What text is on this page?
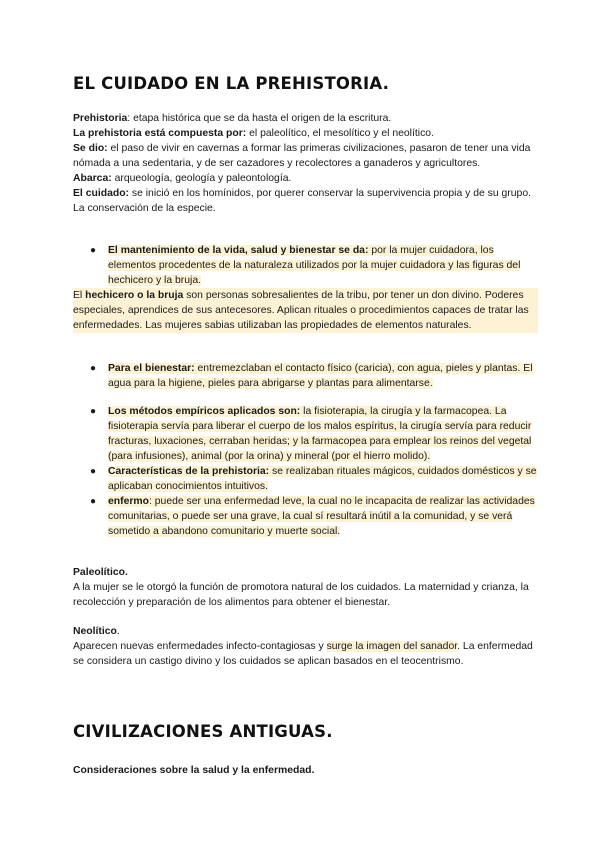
EL CUIDADO EN LA PREHISTORIA.

Prehistoria: etapa histórica que se da hasta el origen de la escritura.

La prehistoria está compuesta por: el paleolítico, el mesolítico y el neolítico.

Se dio: el paso de vivir en cavernas a formar las primeras civilizaciones, pasaron de tener una vida nómada a una sedentaria, y de ser cazadores y recolectores a ganaderos y agricultores.

Abarca: arqueología, geología y paleontología.

El cuidado: se inició en los homínidos, por querer conservar la supervivencia propia y de su grupo. La conservación de la especie.

● El mantenimiento de la vida, salud y bienestar se da: por la mujer cuidadora, los elementos procedentes de la naturaleza utilizados por la mujer cuidadora y las figuras del hechicero y la bruja.

El hechicero o la bruja son personas sobresalientes de la tribu, por tener un don divino. Poderes especiales, aprendices de sus antecesores. Aplican rituales o procedimientos capaces de tratar las enfermedades. Las mujeres sabias utilizaban las propiedades de elementos naturales.

● Para el bienestar: entremezclaban el contacto físico (caricia), con agua, pieles y plantas. El agua para la higiene, pieles para abrigarse y plantas para alimentarse.
● Los métodos empíricos aplicados son: la fisioterapia, la cirugía y la farmacopea. La fisioterapia servía para liberar el cuerpo de los malos espíritus, la cirugía servía para reducir fracturas, luxaciones, cerraban heridas; y la farmacopea para emplear los reinos del vegetal (para infusiones), animal (por la orina) y mineral (por el hierro molido).
● Características de la prehistoria: se realizaban rituales mágicos, cuidados domésticos y se aplicaban conocimientos intuitivos.
● enfermo: puede ser una enfermedad leve, la cual no le incapacita de realizar las actividades comunitarias, o puede ser una grave, la cual sí resultará inútil a la comunidad, y se verá sometido a abandono comunitario y muerte social.

Paleolítico.

A la mujer se le otorgó la función de promotora natural de los cuidados. La maternidad y crianza, la recolección y preparación de los alimentos para obtener el bienestar.

Neolítico.

Aparecen nuevas enfermedades infecto-contagiosas y surge la imagen del sanador. La enfermedad se considera un castigo divino y los cuidados se aplican basados en el teocentrismo.

CIVILIZACIONES ANTIGUAS.

Consideraciones sobre la salud y la enfermedad.
